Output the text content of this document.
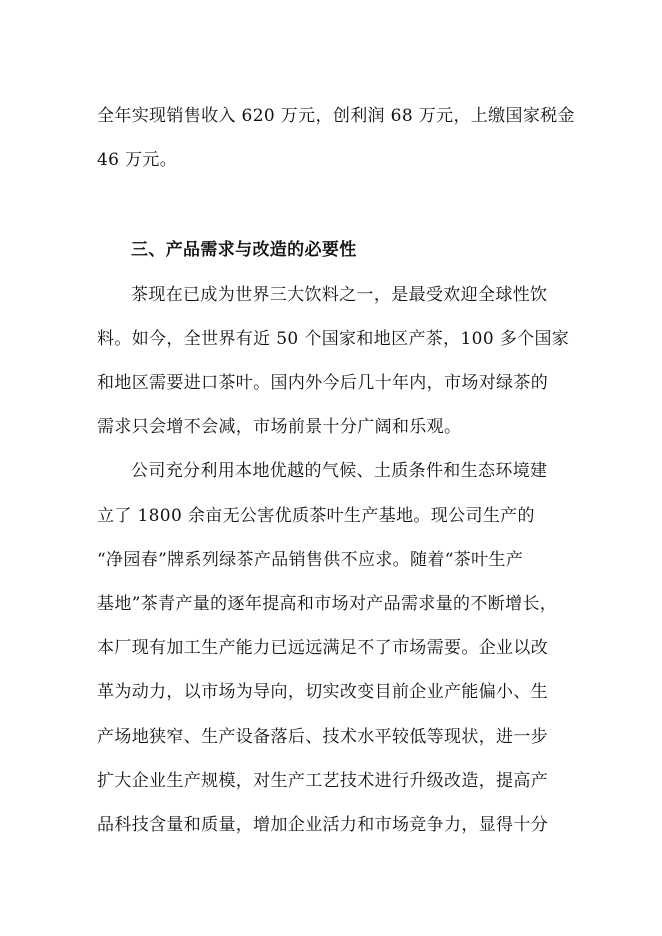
全年实现销售收入 620 万元，创利润 68 万元，上缴国家税金
46 万元。
三、产品需求与改造的必要性
茶现在已成为世界三大饮料之一，是最受欢迎全球性饮
料。如今，全世界有近 50 个国家和地区产茶，100 多个国家
和地区需要进口茶叶。国内外今后几十年内，市场对绿茶的
需求只会增不会减，市场前景十分广阔和乐观。
公司充分利用本地优越的气候、土质条件和生态环境建
立了 1800 余亩无公害优质茶叶生产基地。现公司生产的
“净园春”牌系列绿茶产品销售供不应求。随着“茶叶生产
基地”茶青产量的逐年提高和市场对产品需求量的不断增长，
本厂现有加工生产能力已远远满足不了市场需要。企业以改
革为动力，以市场为导向，切实改变目前企业产能偏小、生
产场地狭窄、生产设备落后、技术水平较低等现状，进一步
扩大企业生产规模，对生产工艺技术进行升级改造，提高产
品科技含量和质量，增加企业活力和市场竞争力，显得十分
